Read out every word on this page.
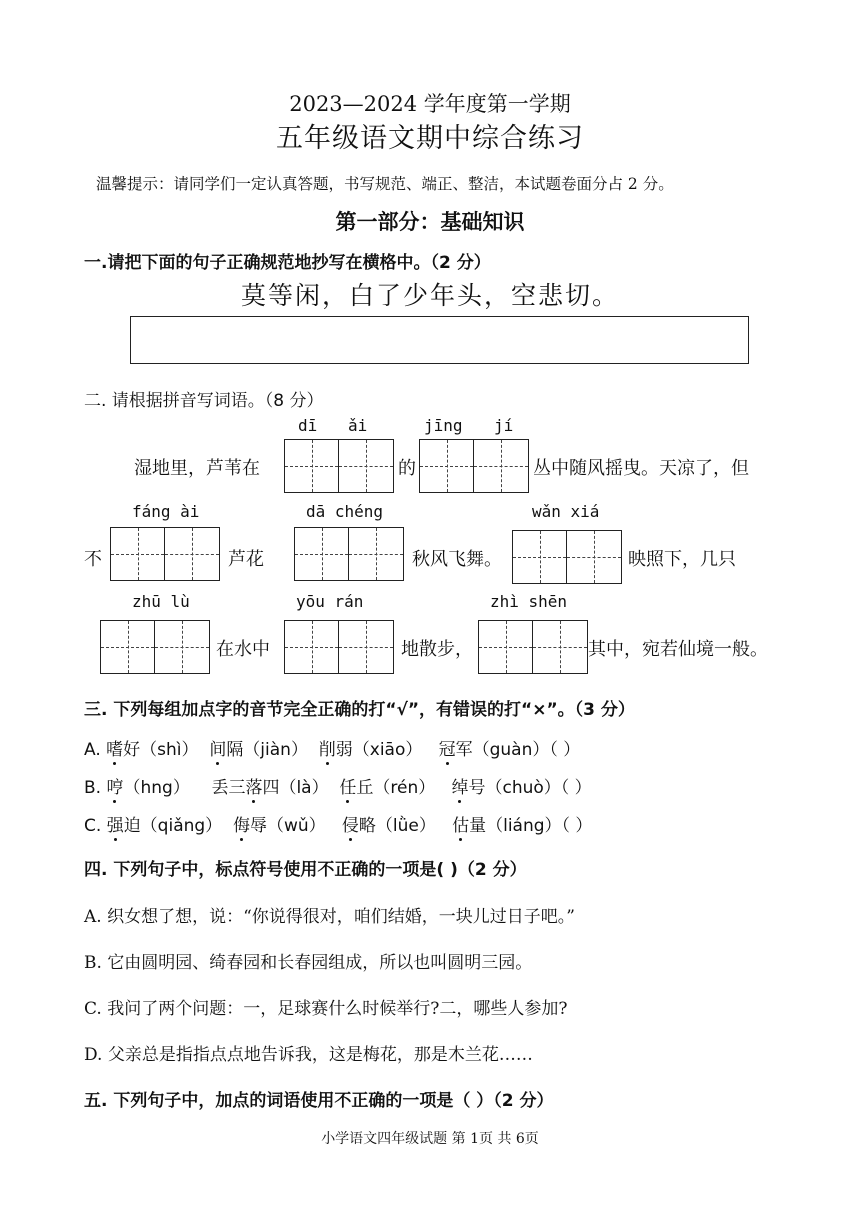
2023—2024 学年度第一学期
五年级语文期中综合练习
温馨提示：请同学们一定认真答题，书写规范、端正、整洁，本试题卷面分占 2 分。
第一部分：基础知识
一.请把下面的句子正确规范地抄写在横格中。（2 分）
莫等闲，白了少年头，空悲切。
二. 请根据拼音写词语。（8 分）
dī ǎi	jīng jí
湿地里，芦苇在	的	丛中随风摇曳。天凉了，但
fáng ài	dā chéng	wǎn xiá
不	芦花	秋风飞舞。	映照下，几只
zhū lù	yōu rán	zhì shēn
在水中	地散步，	其中，宛若仙境一般。
三. 下列每组加点字的音节完全正确的打“√”，有错误的打“×”。（3 分）
A. 嗜好（shì） 间隔（jiàn） 削弱（xiāo） 冠军（guàn）（ ）
B. 哼（hng） 丢三落四（là） 任丘（rén） 绰号（chuò）（ ）
C. 强迫（qiǎng） 侮辱（wǔ） 侵略（lǜe） 估量（liáng）（ ）
四. 下列句子中，标点符号使用不正确的一项是( )（2 分）
A. 织女想了想，说：“你说得很对，咱们结婚，一块儿过日子吧。”
B. 它由圆明园、绮春园和长春园组成，所以也叫圆明三园。
C. 我问了两个问题：一，足球赛什么时候举行?二，哪些人参加?
D. 父亲总是指指点点地告诉我，这是梅花，那是木兰花……
五. 下列句子中，加点的词语使用不正确的一项是（ ）（2 分）
小学语文四年级试题 第 1页 共 6页
